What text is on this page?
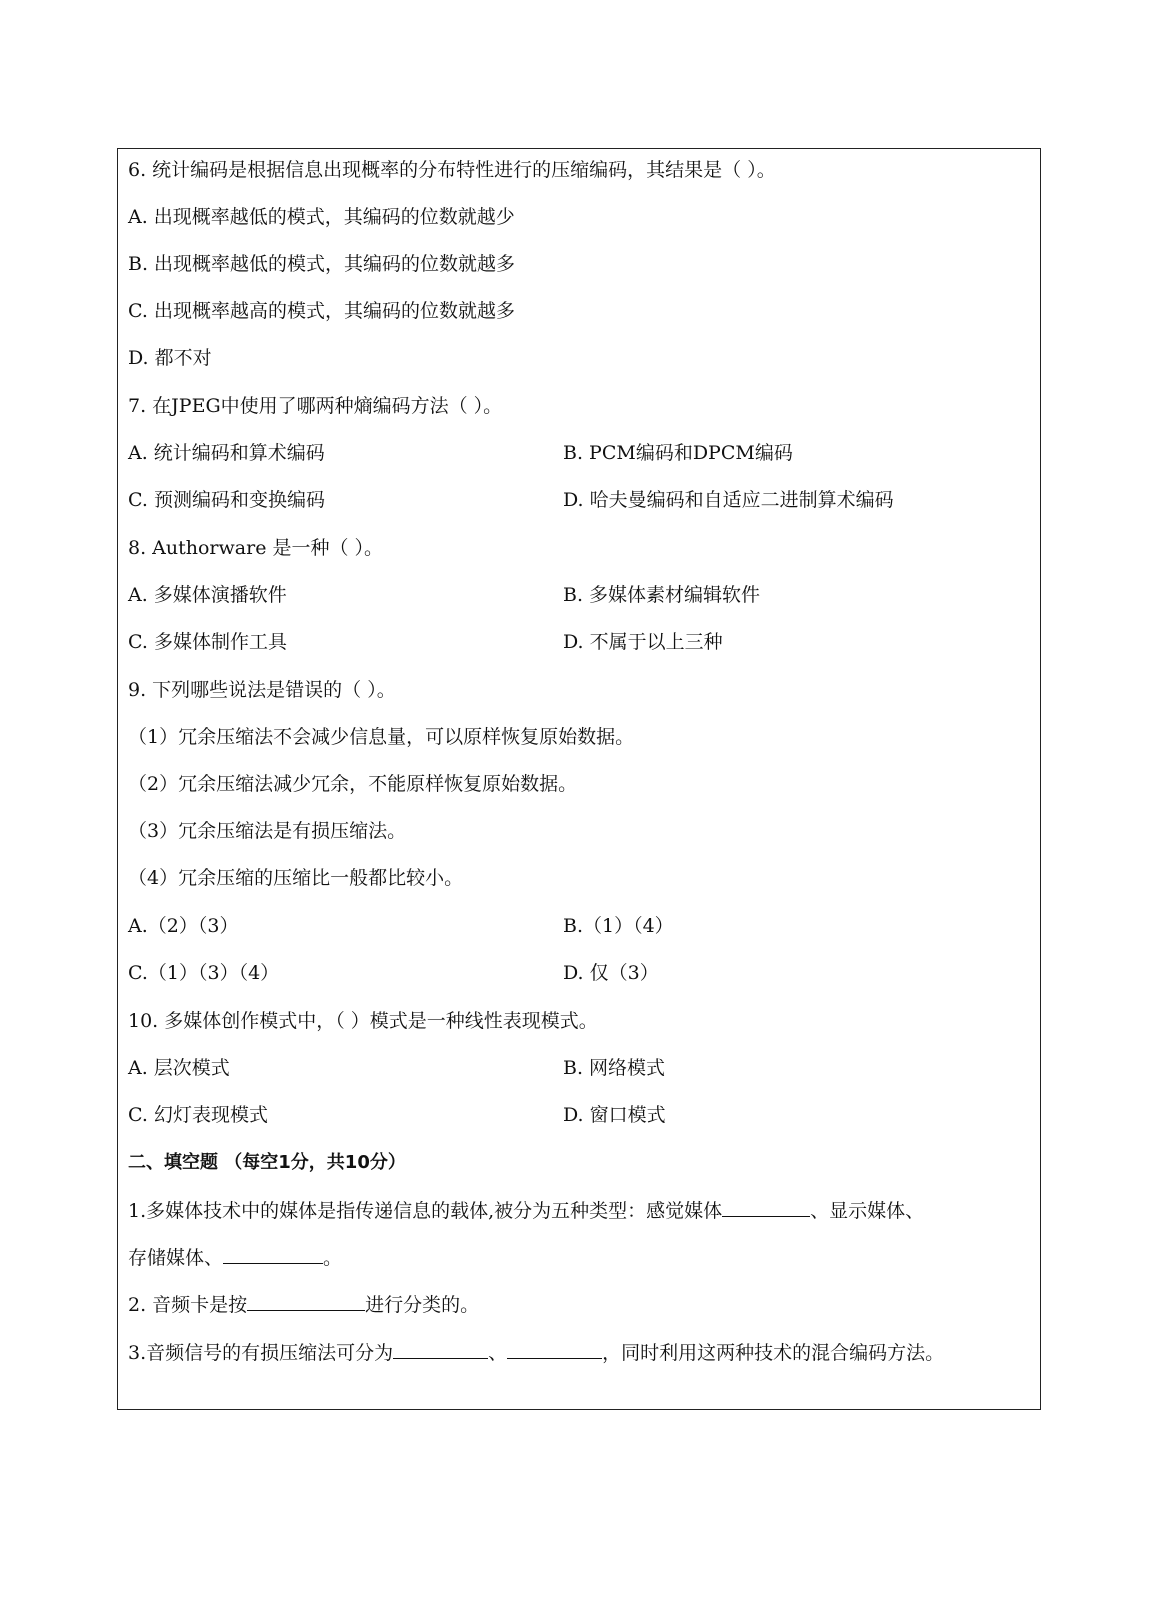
6. 统计编码是根据信息出现概率的分布特性进行的压缩编码，其结果是（ ）。
A. 出现概率越低的模式，其编码的位数就越少
B. 出现概率越低的模式，其编码的位数就越多
C. 出现概率越高的模式，其编码的位数就越多
D. 都不对
7. 在JPEG中使用了哪两种熵编码方法（ ）。
A. 统计编码和算术编码	B. PCM编码和DPCM编码
C. 预测编码和变换编码	D. 哈夫曼编码和自适应二进制算术编码
8. Authorware 是一种（ ）。
A. 多媒体演播软件	B. 多媒体素材编辑软件
C. 多媒体制作工具	D. 不属于以上三种
9. 下列哪些说法是错误的（ ）。
（1）冗余压缩法不会减少信息量，可以原样恢复原始数据。
（2）冗余压缩法减少冗余，不能原样恢复原始数据。
（3）冗余压缩法是有损压缩法。
（4）冗余压缩的压缩比一般都比较小。
A.（2）（3）	B.（1）（4）
C.（1）（3）（4）	D. 仅（3）
10. 多媒体创作模式中，（ ）模式是一种线性表现模式。
A. 层次模式	B. 网络模式
C. 幻灯表现模式	D. 窗口模式
二、填空题 （每空1分，共10分）
1.多媒体技术中的媒体是指传递信息的载体,被分为五种类型：感觉媒体	、显示媒体、
存储媒体、	。
2. 音频卡是按	进行分类的。
3.音频信号的有损压缩法可分为	、	，同时利用这两种技术的混合编码方法。
